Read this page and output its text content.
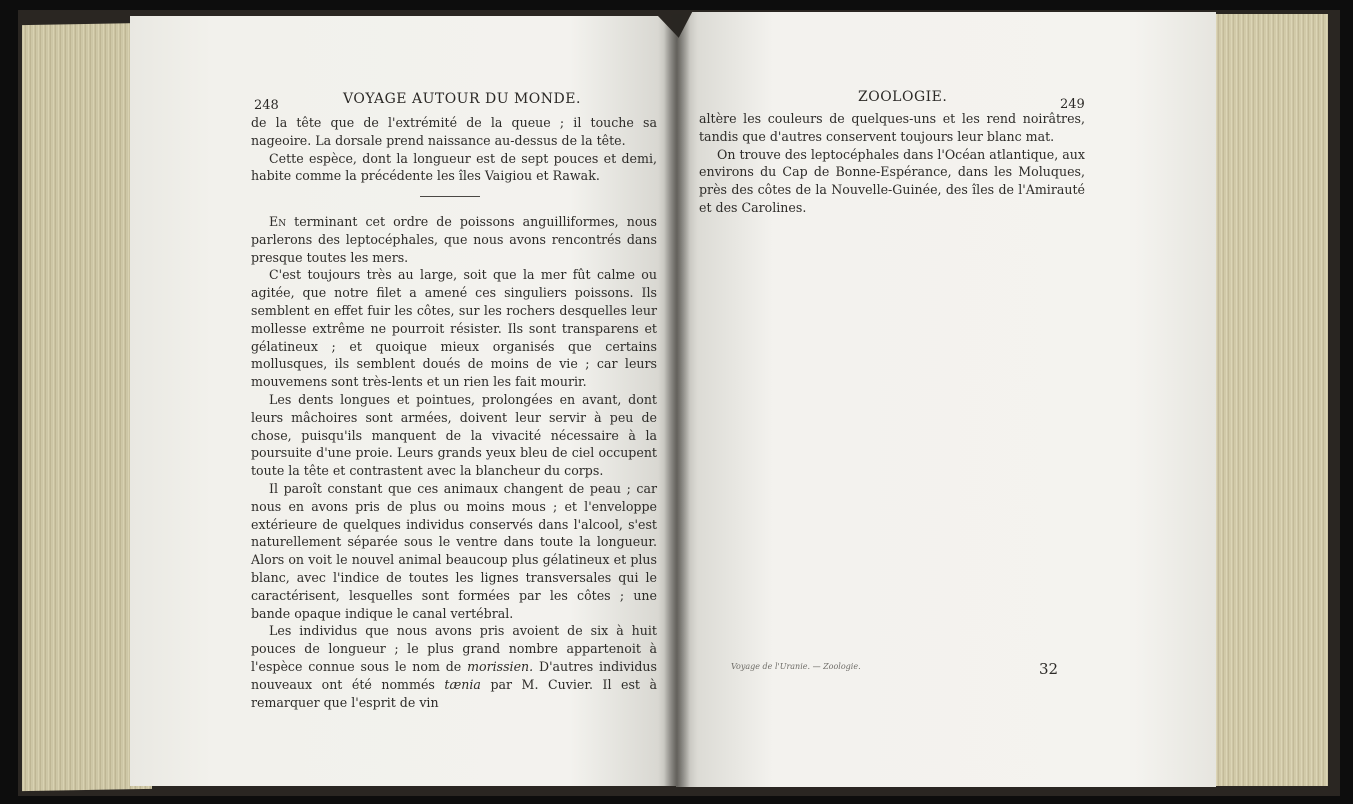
248	VOYAGE AUTOUR DU MONDE.

de la tête que de l'extrémité de la queue ; il touche sa nageoire. La dorsale prend naissance au-dessus de la tête.

Cette espèce, dont la longueur est de sept pouces et demi, habite comme la précédente les îles Vaigiou et Rawak.

En terminant cet ordre de poissons anguilliformes, nous parlerons des leptocéphales, que nous avons rencontrés dans presque toutes les mers.

C'est toujours très au large, soit que la mer fût calme ou agitée, que notre filet a amené ces singuliers poissons. Ils semblent en effet fuir les côtes, sur les rochers desquelles leur mollesse extrême ne pourroit résister. Ils sont transparens et gélatineux ; et quoique mieux organisés que certains mollusques, ils semblent doués de moins de vie ; car leurs mouvemens sont très-lents et un rien les fait mourir.

Les dents longues et pointues, prolongées en avant, dont leurs mâchoires sont armées, doivent leur servir à peu de chose, puisqu'ils manquent de la vivacité nécessaire à la poursuite d'une proie. Leurs grands yeux bleu de ciel occupent toute la tête et contrastent avec la blancheur du corps.

Il paroît constant que ces animaux changent de peau ; car nous en avons pris de plus ou moins mous ; et l'enveloppe extérieure de quelques individus conservés dans l'alcool, s'est naturellement séparée sous le ventre dans toute la longueur. Alors on voit le nouvel animal beaucoup plus gélatineux et plus blanc, avec l'indice de toutes les lignes transversales qui le caractérisent, lesquelles sont formées par les côtes ; une bande opaque indique le canal vertébral.

Les individus que nous avons pris avoient de six à huit pouces de longueur ; le plus grand nombre appartenoit à l'espèce connue sous le nom de morissien. D'autres individus nouveaux ont été nommés tænia par M. Cuvier. Il est à remarquer que l'esprit de vin

ZOOLOGIE.	249

altère les couleurs de quelques-uns et les rend noirâtres, tandis que d'autres conservent toujours leur blanc mat.

On trouve des leptocéphales dans l'Océan atlantique, aux environs du Cap de Bonne-Espérance, dans les Moluques, près des côtes de la Nouvelle-Guinée, des îles de l'Amirauté et des Carolines.

Voyage de l'Uranie. — Zoologie.	32
